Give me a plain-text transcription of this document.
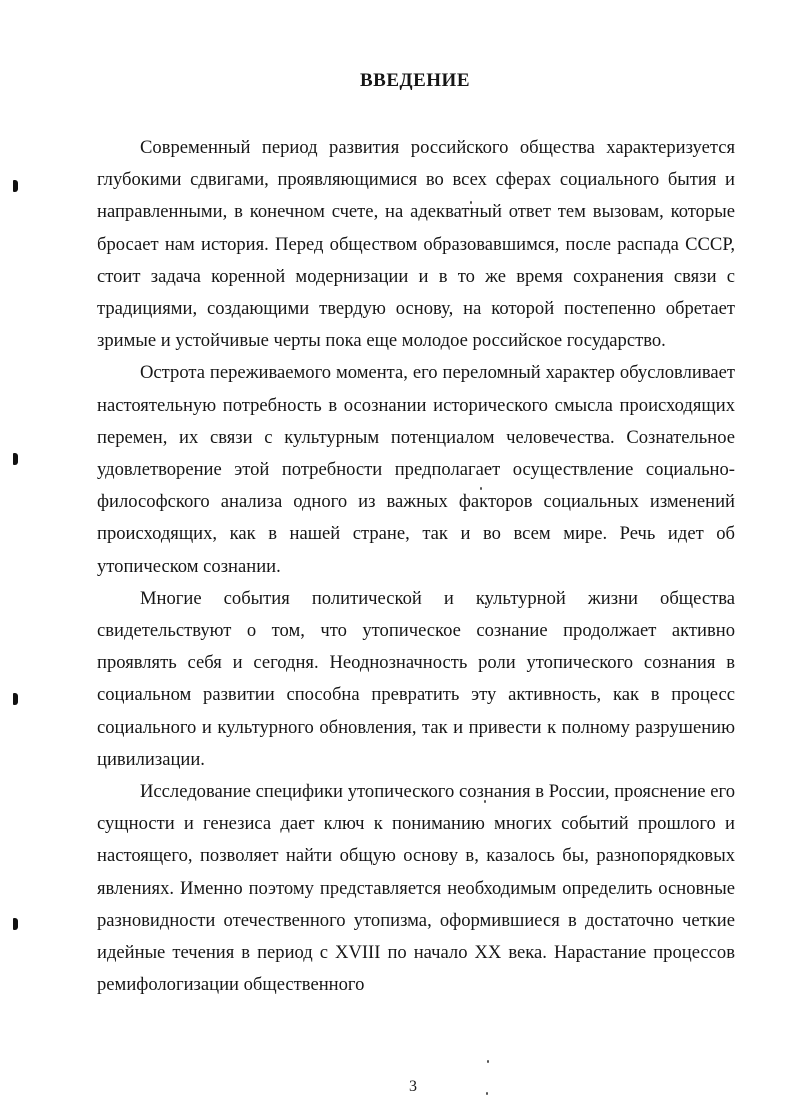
ВВЕДЕНИЕ

Современный период развития российского общества характеризуется глубокими сдвигами, проявляющимися во всех сферах социального бытия и направленными, в конечном счете, на адекватный ответ тем вызовам, которые бросает нам история. Перед обществом образовавшимся, после распада СССР, стоит задача коренной модернизации и в то же время сохранения связи с традициями, создающими твердую основу, на которой постепенно обретает зримые и устойчивые черты пока еще молодое российское государство.

Острота переживаемого момента, его переломный характер обусловливает настоятельную потребность в осознании исторического смысла происходящих перемен, их связи с культурным потенциалом человечества. Сознательное удовлетворение этой потребности предполагает осуществление социально-философского анализа одного из важных факторов социальных изменений происходящих, как в нашей стране, так и во всем мире. Речь идет об утопическом сознании.

Многие события политической и культурной жизни общества свидетельствуют о том, что утопическое сознание продолжает активно проявлять себя и сегодня. Неоднозначность роли утопического сознания в социальном развитии способна превратить эту активность, как в процесс социального и культурного обновления, так и привести к полному разрушению цивилизации.

Исследование специфики утопического сознания в России, прояснение его сущности и генезиса дает ключ к пониманию многих событий прошлого и настоящего, позволяет найти общую основу в, казалось бы, разнопорядковых явлениях. Именно поэтому представляется необходимым определить основные разновидности отечественного утопизма, оформившиеся в достаточно четкие идейные течения в период с XVIII по начало XX века. Нарастание процессов ремифологизации общественного

3
